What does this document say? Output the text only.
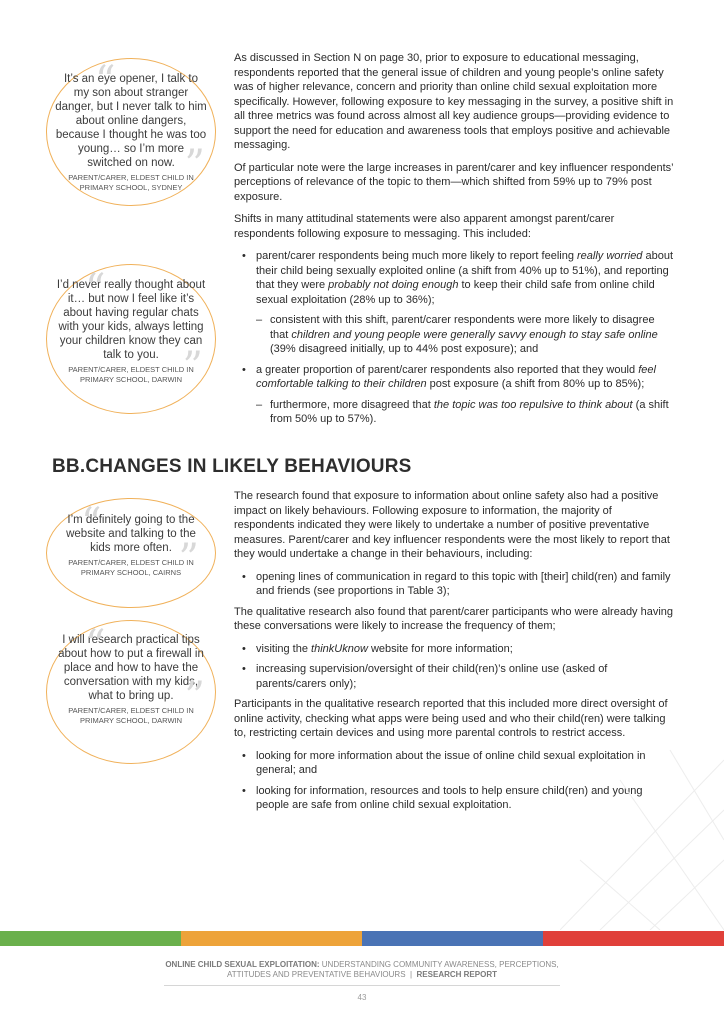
“
”
It’s an eye opener, I talk to my son about stranger danger, but I never talk to him about online dangers, because I thought he was too young… so I’m more switched on now.
PARENT/CARER, ELDEST CHILD IN PRIMARY SCHOOL, SYDNEY
“
”
I’d never really thought about it… but now I feel like it’s about having regular chats with your kids, always letting your children know they can talk to you.
PARENT/CARER, ELDEST CHILD IN PRIMARY SCHOOL, DARWIN
“
”
I’m definitely going to the website and talking to the kids more often.
PARENT/CARER, ELDEST CHILD IN PRIMARY SCHOOL, CAIRNS
“
”
I will research practical tips about how to put a firewall in place and how to have the conversation with my kids, what to bring up.
PARENT/CARER, ELDEST CHILD IN PRIMARY SCHOOL, DARWIN

As discussed in Section N on page 30, prior to exposure to educational messaging, respondents reported that the general issue of children and young people’s online safety was of higher relevance, concern and priority than online child sexual exploitation more specifically. However, following exposure to key messaging in the survey, a positive shift in all three metrics was found across almost all key audience groups—providing evidence to support the need for education and awareness tools that employs positive and achievable messaging.

Of particular note were the large increases in parent/carer and key influencer respondents’ perceptions of relevance of the topic to them—which shifted from 59% up to 79% post exposure.

Shifts in many attitudinal statements were also apparent amongst parent/carer respondents following exposure to messaging. This included:

• parent/carer respondents being much more likely to report feeling really worried about their child being sexually exploited online (a shift from 40% up to 51%), and reporting that they were probably not doing enough to keep their child safe from online child sexual exploitation (28% up to 36%);
– consistent with this shift, parent/carer respondents were more likely to disagree that children and young people were generally savvy enough to stay safe online (39% disagreed initially, up to 44% post exposure); and
• a greater proportion of parent/carer respondents also reported that they would feel comfortable talking to their children post exposure (a shift from 80% up to 85%);
– furthermore, more disagreed that the topic was too repulsive to think about (a shift from 50% up to 57%).
BB.CHANGES IN LIKELY BEHAVIOURS

The research found that exposure to information about online safety also had a positive impact on likely behaviours. Following exposure to information, the majority of respondents indicated they were likely to undertake a number of positive preventative measures. Parent/carer and key influencer respondents were the most likely to report that they would undertake a change in their behaviours, including:

• opening lines of communication in regard to this topic with [their] child(ren) and family and friends (see proportions in Table 3);

The qualitative research also found that parent/carer participants who were already having these conversations were likely to increase the frequency of them;

• visiting the thinkUknow website for more information;
• increasing supervision/oversight of their child(ren)’s online use (asked of parents/carers only);

Participants in the qualitative research reported that this included more direct oversight of online activity, checking what apps were being used and who their child(ren) were talking to, restricting certain devices and using more parental controls to restrict access.

• looking for more information about the issue of online child sexual exploitation in general; and
• looking for information, resources and tools to help ensure child(ren) and young people are safe from online child sexual exploitation.
ONLINE CHILD SEXUAL EXPLOITATION: UNDERSTANDING COMMUNITY AWARENESS, PERCEPTIONS,
ATTITUDES AND PREVENTATIVE BEHAVIOURS | RESEARCH REPORT
43
